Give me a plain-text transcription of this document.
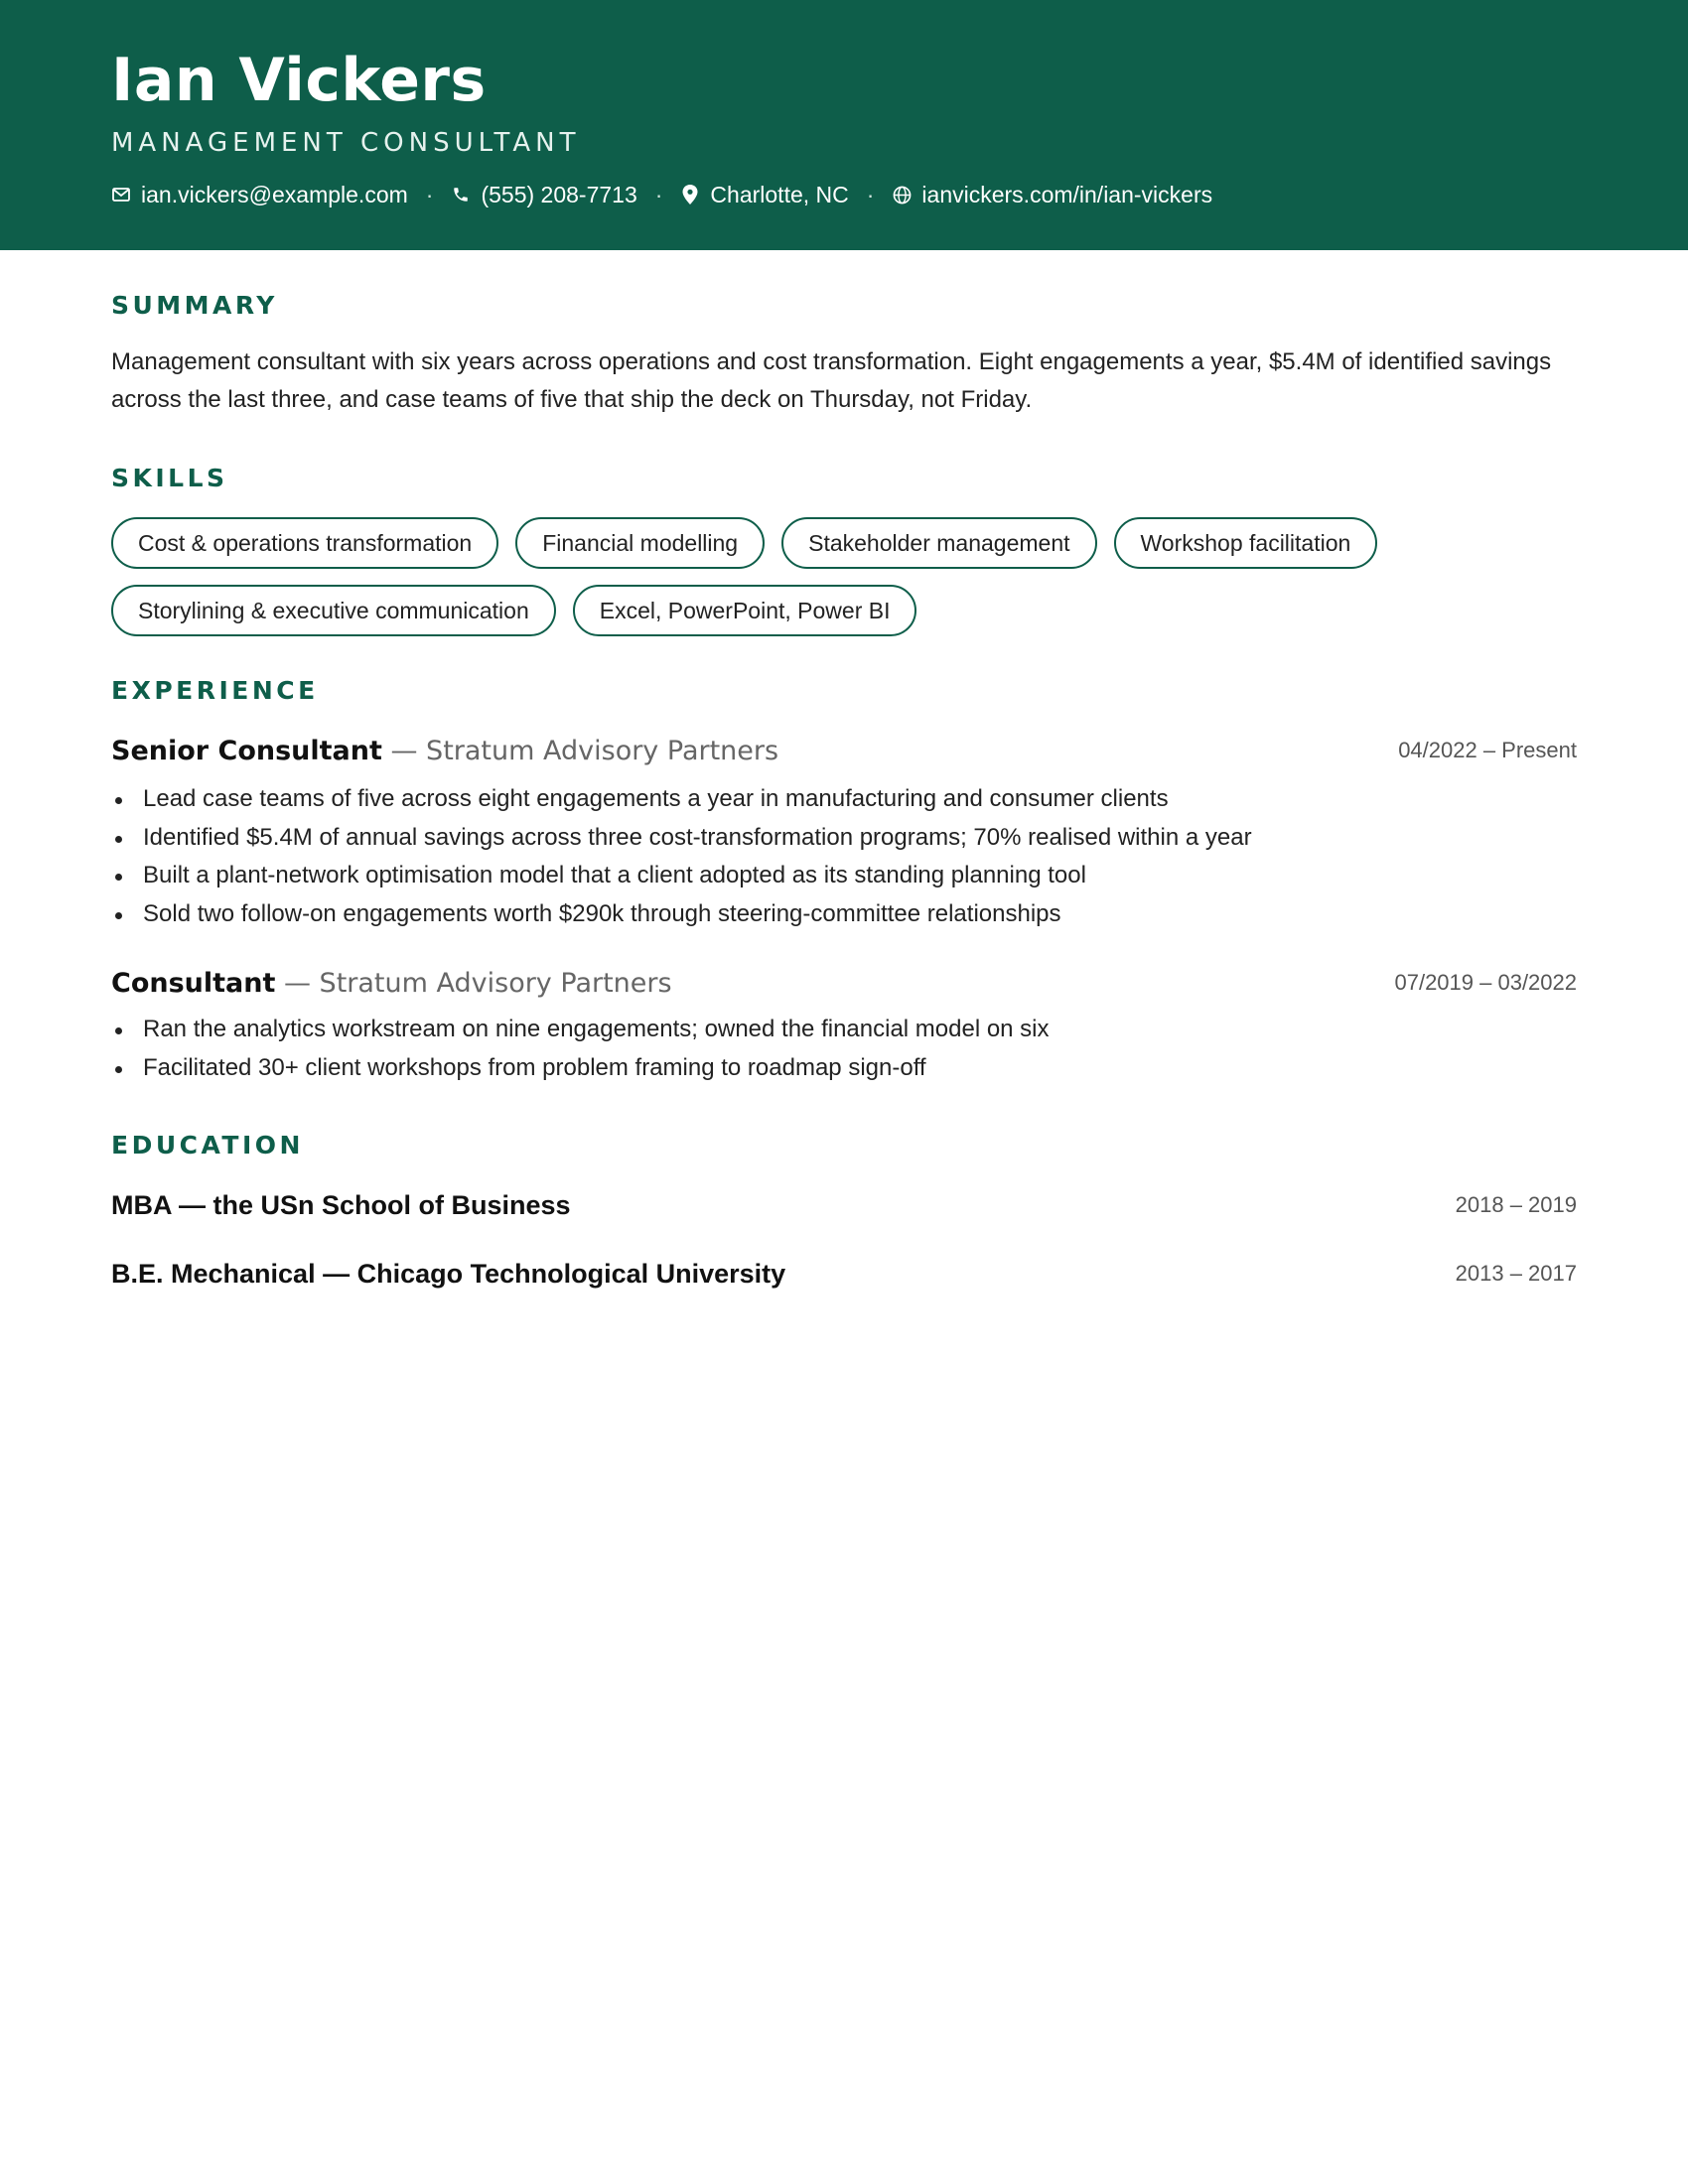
Ian Vickers
MANAGEMENT CONSULTANT
ian.vickers@example.com · (555) 208-7713 · Charlotte, NC · ianvickers.com/in/ian-vickers
SUMMARY
Management consultant with six years across operations and cost transformation. Eight engagements a year, $5.4M of identified savings across the last three, and case teams of five that ship the deck on Thursday, not Friday.
SKILLS
Cost & operations transformation	Financial modelling	Stakeholder management	Workshop facilitation
Storylining & executive communication	Excel, PowerPoint, Power BI
EXPERIENCE
Senior Consultant — Stratum Advisory Partners	04/2022 – Present
Lead case teams of five across eight engagements a year in manufacturing and consumer clients
Identified $5.4M of annual savings across three cost-transformation programs; 70% realised within a year
Built a plant-network optimisation model that a client adopted as its standing planning tool
Sold two follow-on engagements worth $290k through steering-committee relationships
Consultant — Stratum Advisory Partners	07/2019 – 03/2022
Ran the analytics workstream on nine engagements; owned the financial model on six
Facilitated 30+ client workshops from problem framing to roadmap sign-off
EDUCATION
MBA — the USn School of Business	2018 – 2019
B.E. Mechanical — Chicago Technological University	2013 – 2017
